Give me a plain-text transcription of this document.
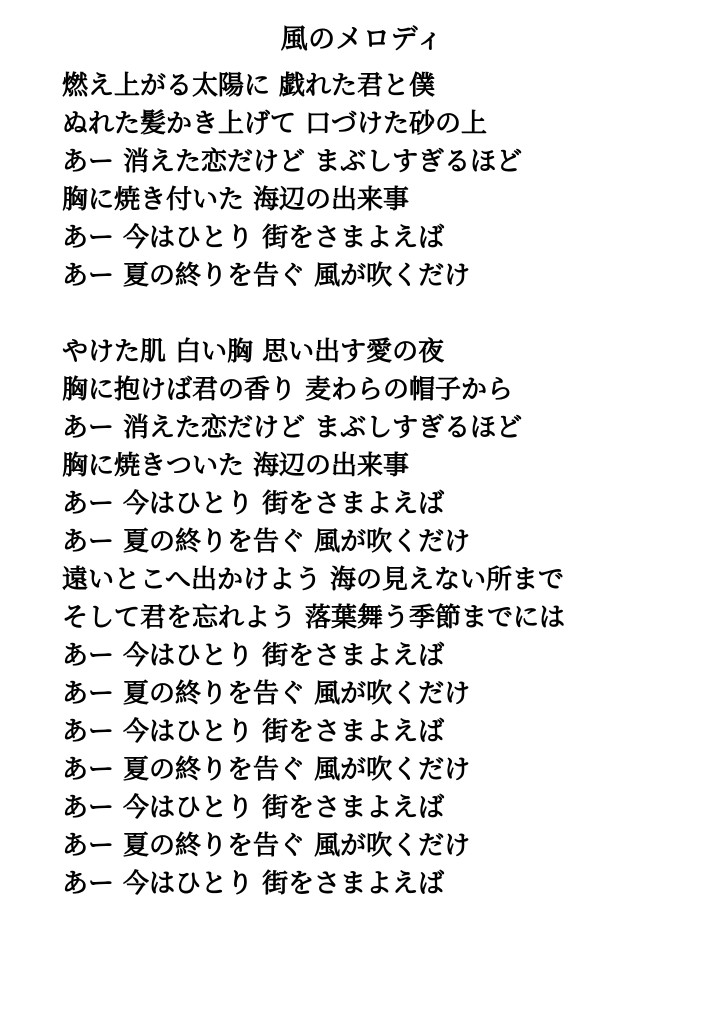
風のメロディ
燃え上がる太陽に 戯れた君と僕
ぬれた髪かき上げて 口づけた砂の上
あー 消えた恋だけど まぶしすぎるほど
胸に焼き付いた 海辺の出来事
あー 今はひとり 街をさまよえば
あー 夏の終りを告ぐ 風が吹くだけ
やけた肌 白い胸 思い出す愛の夜
胸に抱けば君の香り 麦わらの帽子から
あー 消えた恋だけど まぶしすぎるほど
胸に焼きついた 海辺の出来事
あー 今はひとり 街をさまよえば
あー 夏の終りを告ぐ 風が吹くだけ
遠いとこへ出かけよう 海の見えない所まで
そして君を忘れよう 落葉舞う季節までには
あー 今はひとり 街をさまよえば
あー 夏の終りを告ぐ 風が吹くだけ
あー 今はひとり 街をさまよえば
あー 夏の終りを告ぐ 風が吹くだけ
あー 今はひとり 街をさまよえば
あー 夏の終りを告ぐ 風が吹くだけ
あー 今はひとり 街をさまよえば
